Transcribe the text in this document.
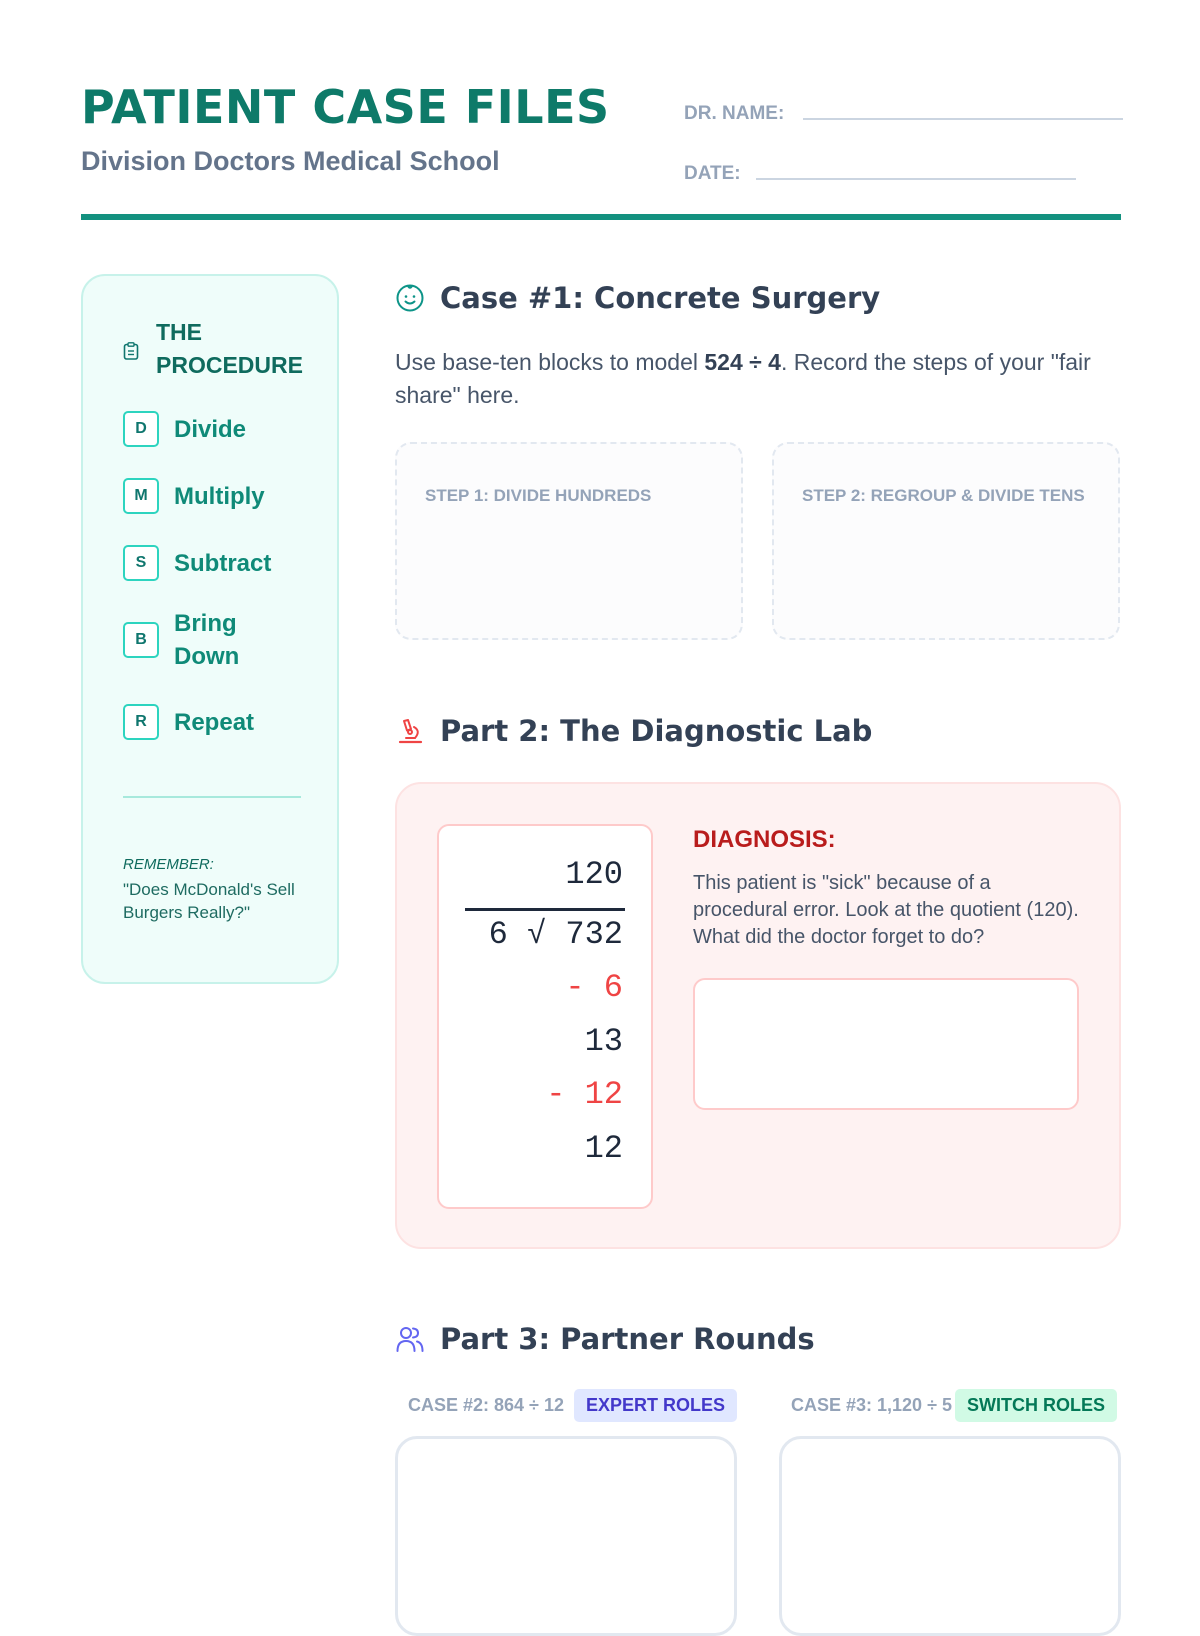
PATIENT CASE FILES
Division Doctors Medical School
DR. NAME:
DATE:
THE
PROCEDURE
D	Divide
M	Multiply
S	Subtract
B
Bring Down
R	Repeat
REMEMBER:
"Does McDonald's Sell Burgers Really?"
Case #1: Concrete Surgery
Use base-ten blocks to model 524 ÷ 4. Record the steps of your "fair share" here.
STEP 1: DIVIDE HUNDREDS	STEP 2: REGROUP & DIVIDE TENS
Part 2: The Diagnostic Lab
120
6 √ 732
- 6
13
- 12
12
DIAGNOSIS:
This patient is "sick" because of a procedural error. Look at the quotient (120). What did the doctor forget to do?
Part 3: Partner Rounds
CASE #2: 864 ÷ 12	EXPERT ROLES	CASE #3: 1,120 ÷ 5 SWITCH ROLES
